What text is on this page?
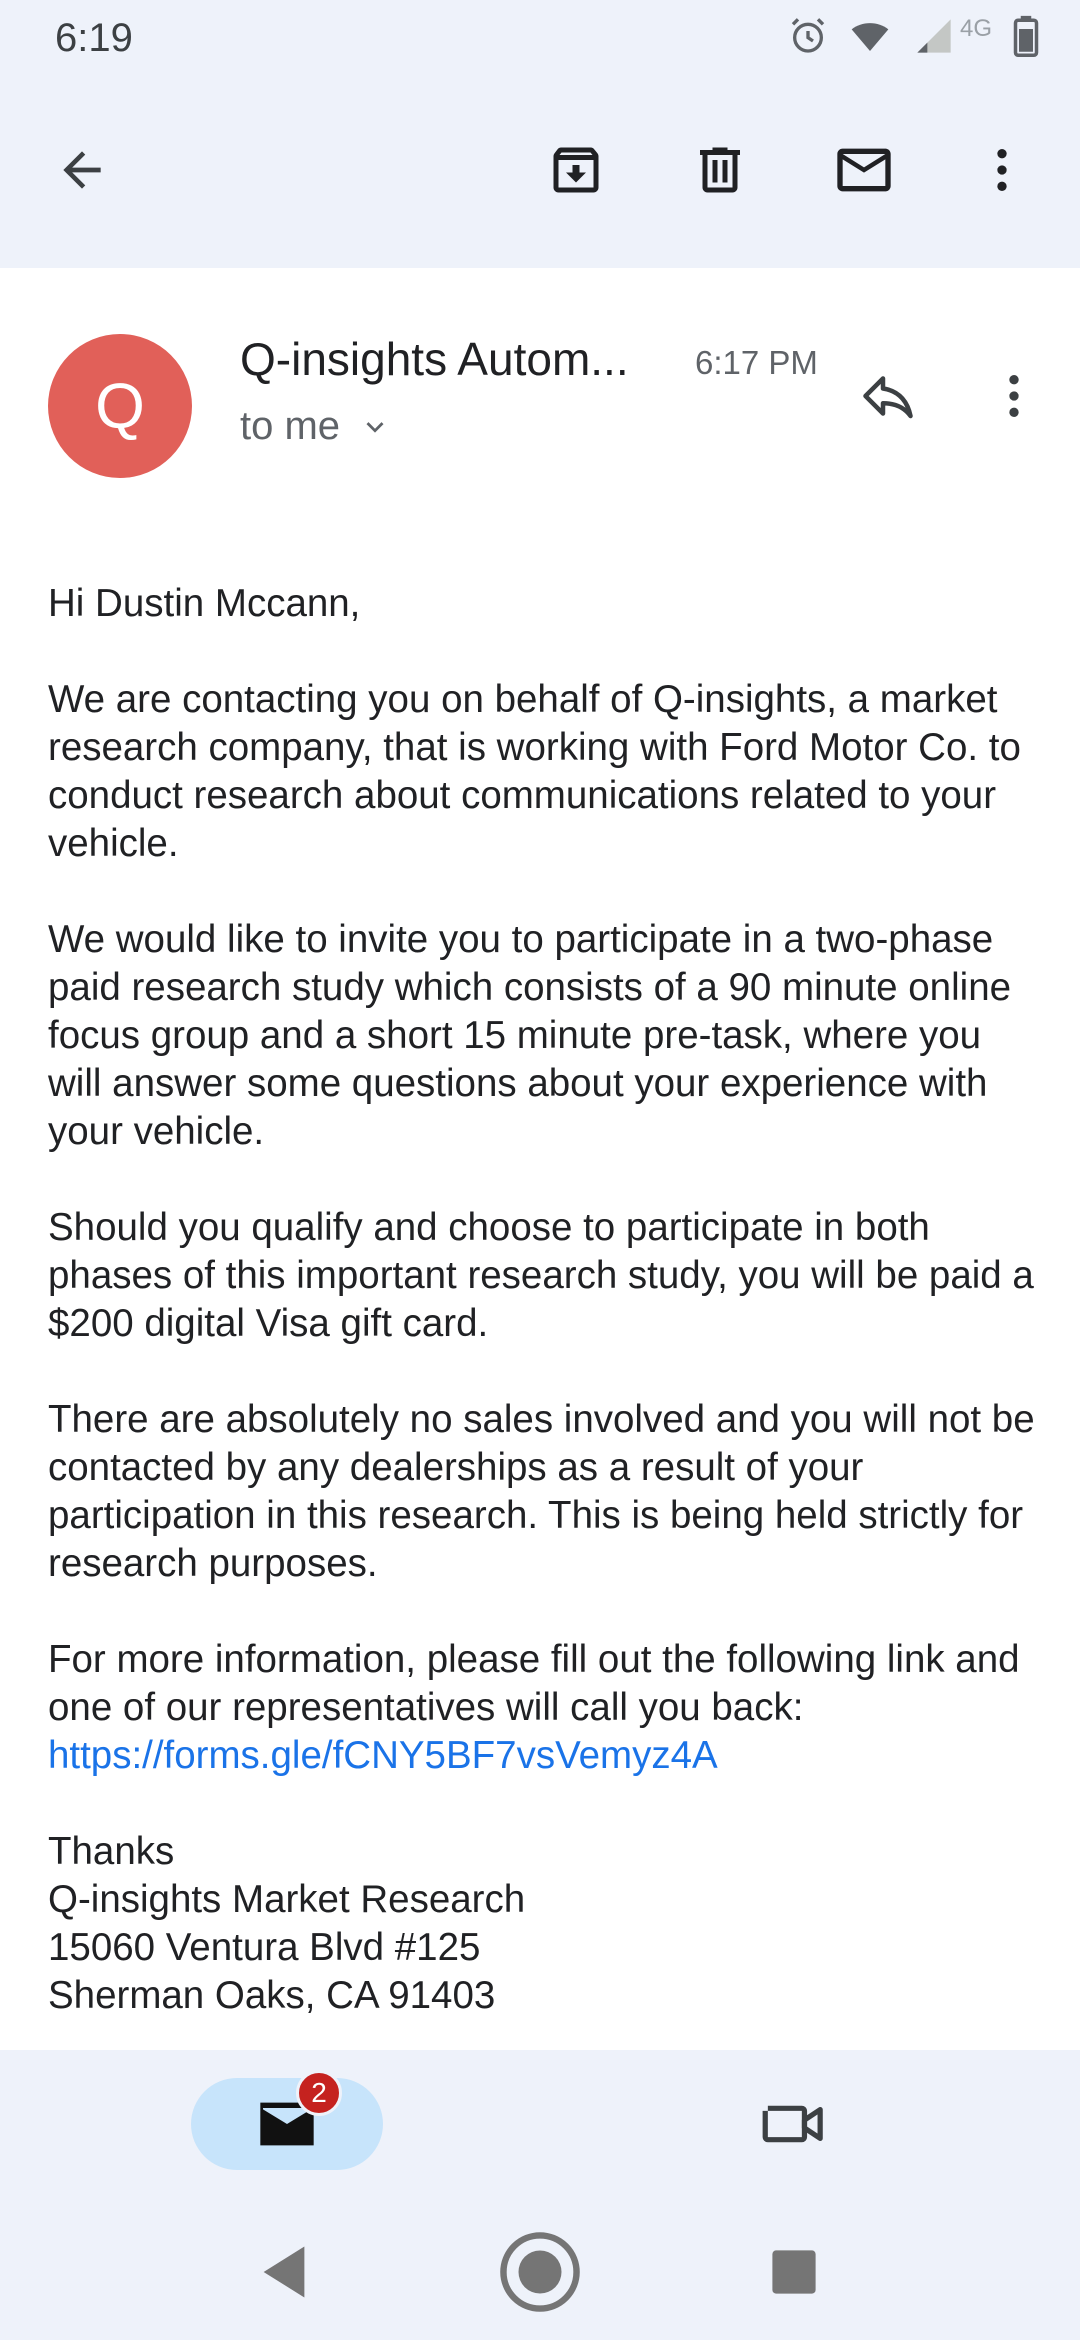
6:19	4G
Q
Q-insights Autom... 6:17 PM
to me

Hi Dustin Mccann,

We are contacting you on behalf of Q-insights, a market research company, that is working with Ford Motor Co. to conduct research about communications related to your vehicle.

We would like to invite you to participate in a two-phase paid research study which consists of a 90 minute online focus group and a short 15 minute pre-task, where you will answer some questions about your experience with your vehicle.

Should you qualify and choose to participate in both phases of this important research study, you will be paid a $200 digital Visa gift card.

There are absolutely no sales involved and you will not be contacted by any dealerships as a result of your participation in this research. This is being held strictly for research purposes.

For more information, please fill out the following link and one of our representatives will call you back:

https://forms.gle/fCNY5BF7vsVemyz4A

Thanks

Q-insights Market Research

15060 Ventura Blvd #125

Sherman Oaks, CA 91403

2
